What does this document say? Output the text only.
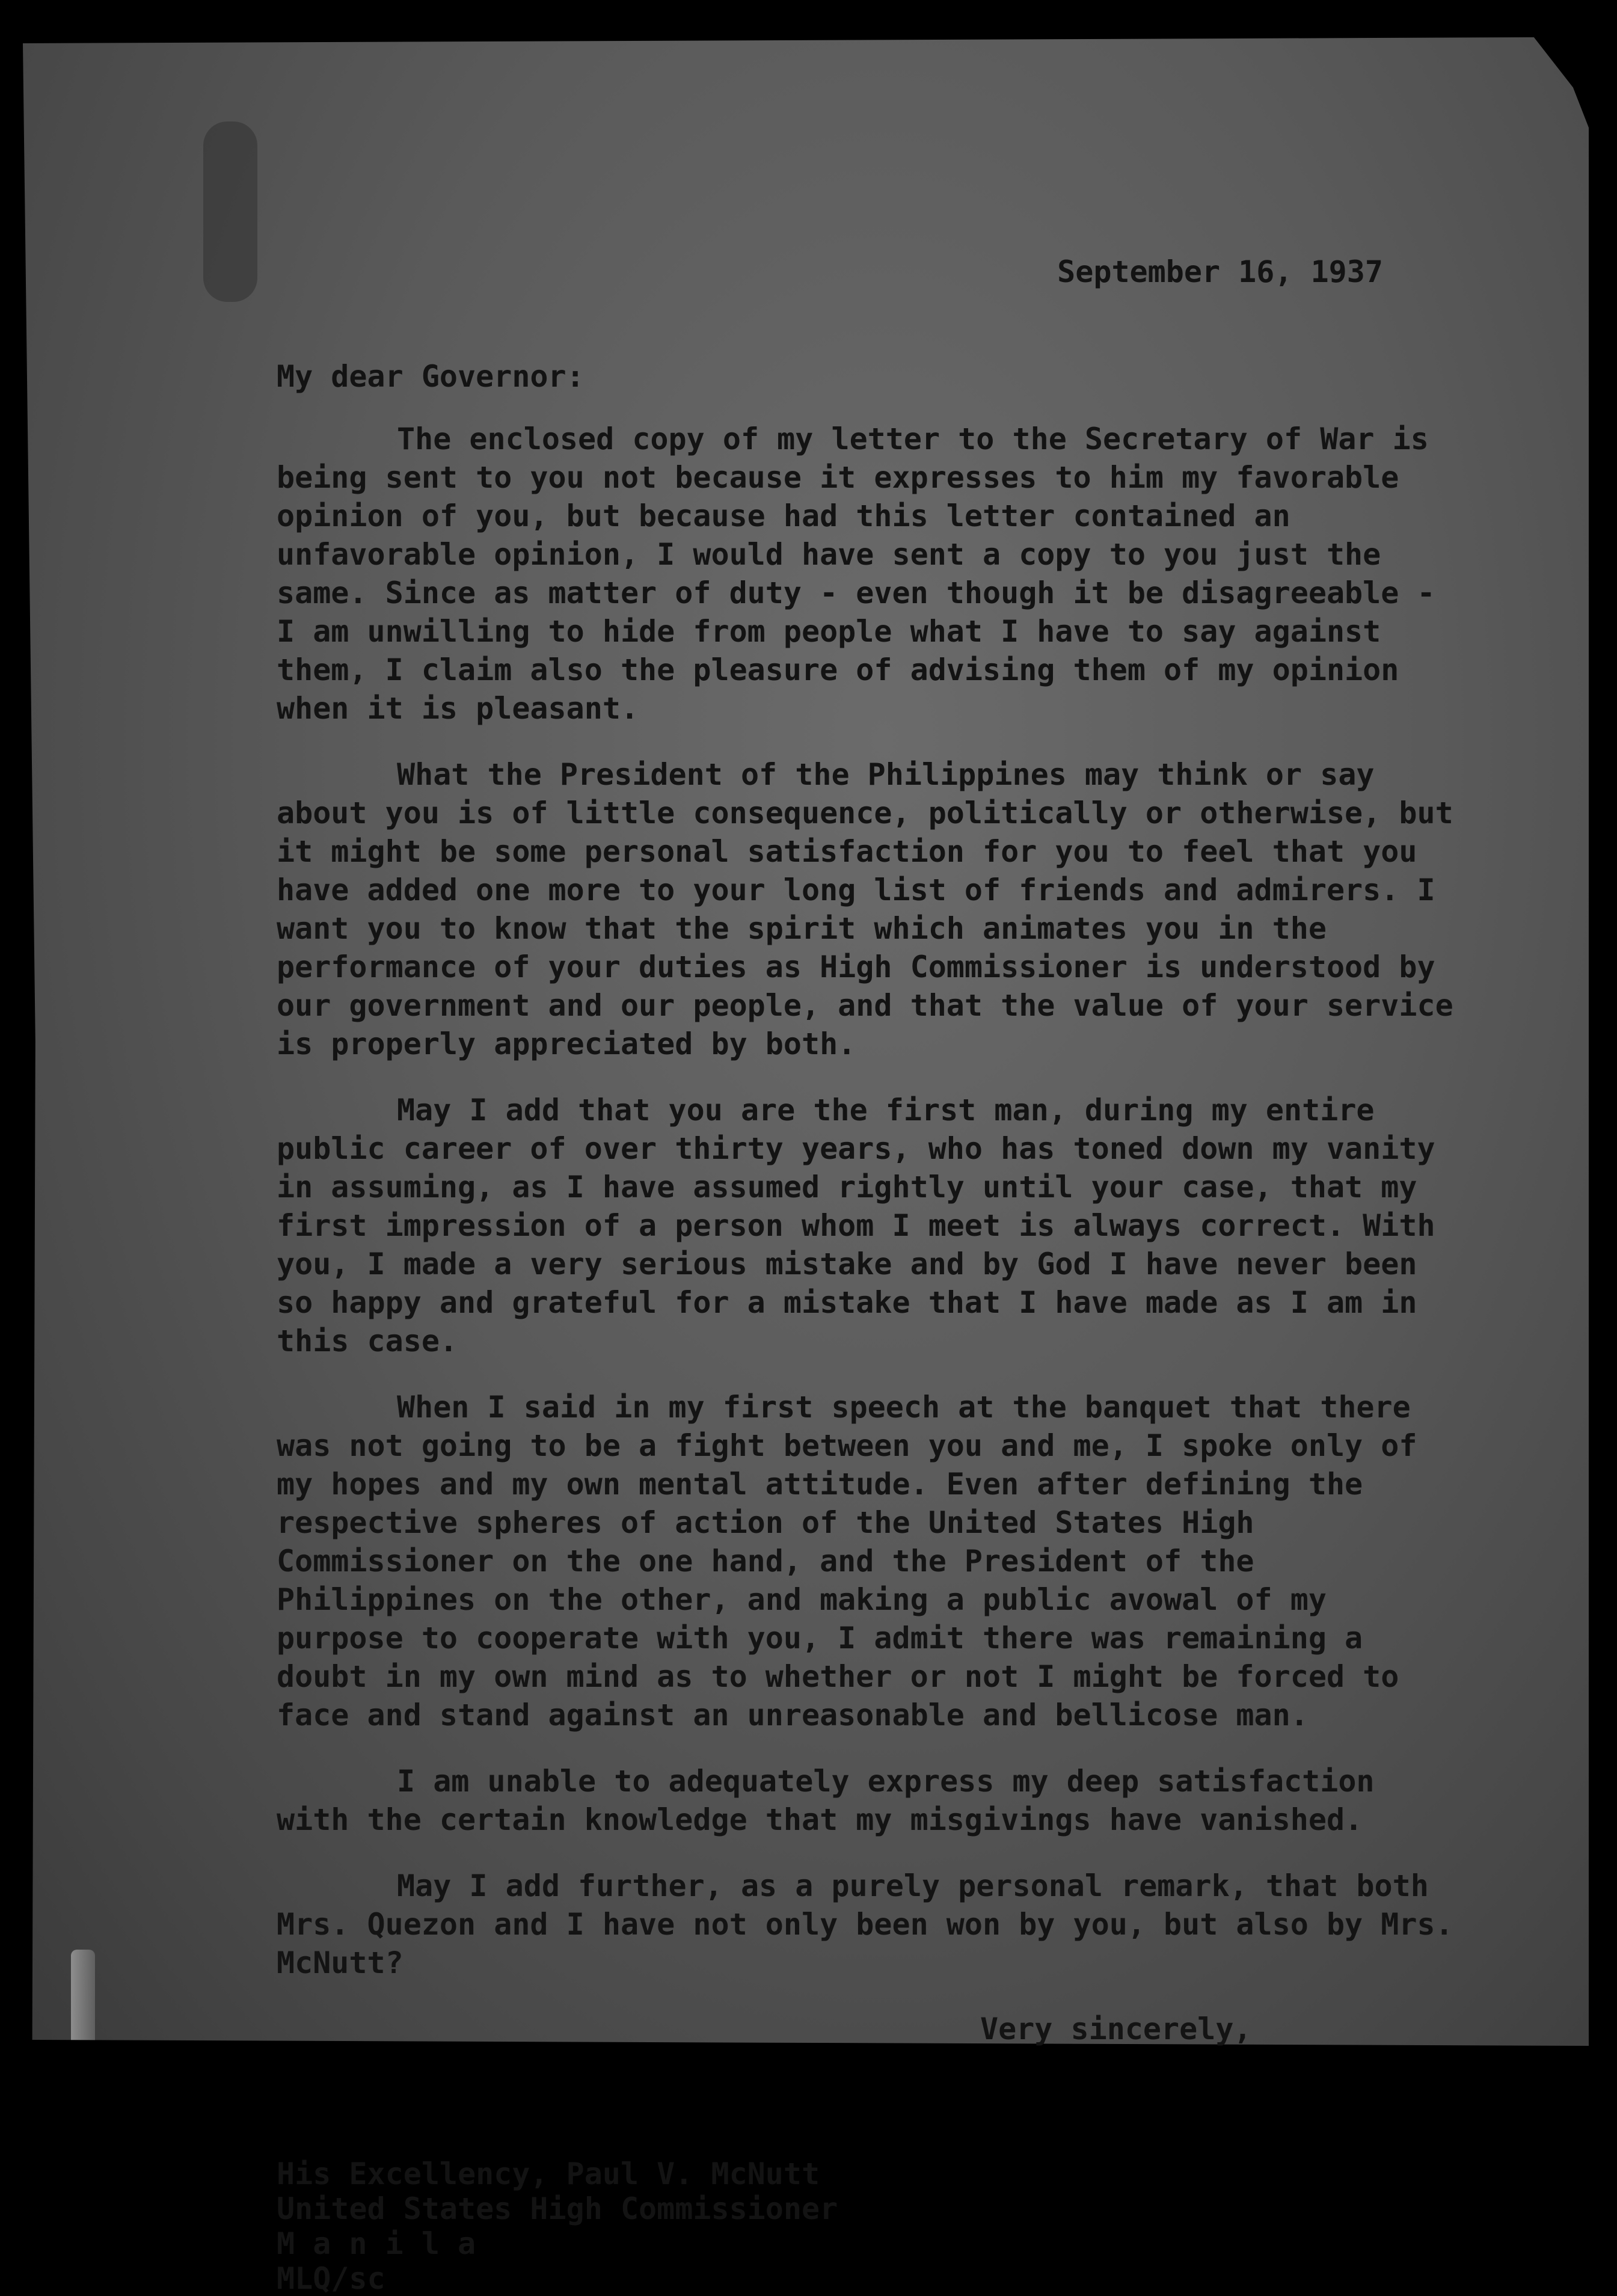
September 16, 1937
My dear Governor:

The enclosed copy of my letter to the Secretary of War is being sent to you not because it expresses to him my favorable opinion of you, but because had this letter contained an unfavorable opinion, I would have sent a copy to you just the same. Since as matter of duty - even though it be disagreeable - I am unwilling to hide from people what I have to say against them, I claim also the pleasure of advising them of my opinion when it is pleasant.

What the President of the Philippines may think or say about you is of little consequence, politically or otherwise, but it might be some personal satisfaction for you to feel that you have added one more to your long list of friends and admirers. I want you to know that the spirit which animates you in the performance of your duties as High Commissioner is understood by our government and our people, and that the value of your service is properly appreciated by both.

May I add that you are the first man, during my entire public career of over thirty years, who has toned down my vanity in assuming, as I have assumed rightly until your case, that my first impression of a person whom I meet is always correct. With you, I made a very serious mistake and by God I have never been so happy and grateful for a mistake that I have made as I am in this case.

When I said in my first speech at the banquet that there was not going to be a fight between you and me, I spoke only of my hopes and my own mental attitude. Even after defining the respective spheres of action of the United States High Commissioner on the one hand, and the President of the Philippines on the other, and making a public avowal of my purpose to cooperate with you, I admit there was remaining a doubt in my own mind as to whether or not I might be forced to face and stand against an unreasonable and bellicose man.

I am unable to adequately express my deep satisfaction with the certain knowledge that my misgivings have vanished.

May I add further, as a purely personal remark, that both Mrs. Quezon and I have not only been won by you, but also by Mrs. McNutt?

Very sincerely,
His Excellency, Paul V. McNutt
United States High Commissioner
M a n i l a
MLQ/sc
